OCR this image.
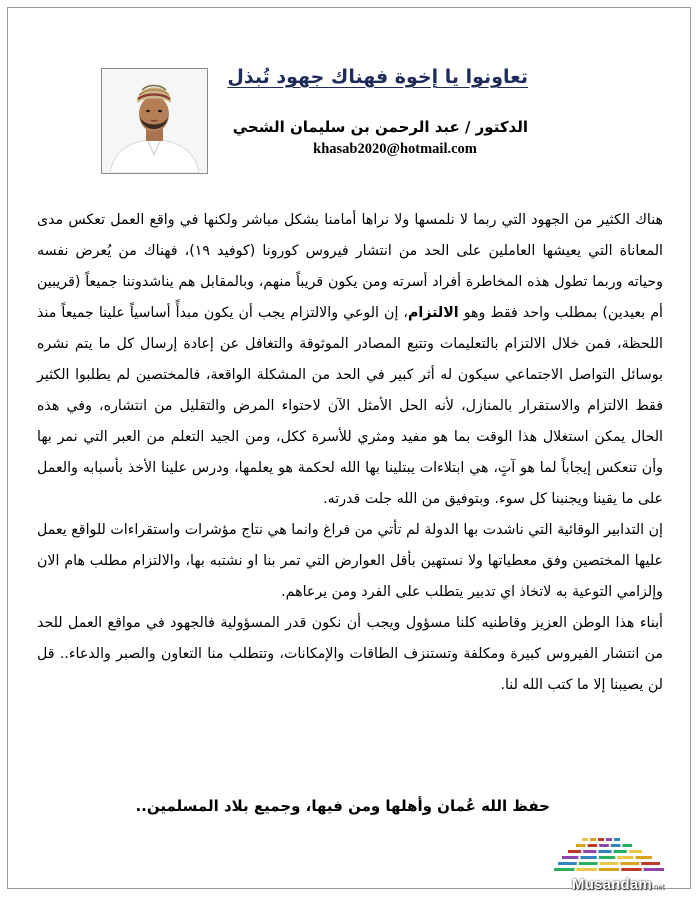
تعاونوا يا إخوة فهناك جهود تُبذل
الدكتور / عبد الرحمن بن سليمان الشحي
khasab2020@hotmail.com

هناك الكثير من الجهود التي ربما لا نلمسها ولا نراها أمامنا بشكل مباشر ولكنها في واقع العمل تعكس مدى المعاناة التي يعيشها العاملين على الحد من انتشار فيروس كورونا (كوفيد ١٩)، فهناك من يُعرض نفسه وحياته وربما تطول هذه المخاطرة أفراد أسرته ومن يكون قريباً منهم، وبالمقابل هم يناشدوننا جميعاً (قريبين أم بعيدين) بمطلب واحد فقط وهو الالتزام، إن الوعي والالتزام يجب أن يكون مبدأً أساسياً علينا جميعاً منذ اللحظة، فمن خلال الالتزام بالتعليمات وتتبع المصادر الموثوقة والتغافل عن إعادة إرسال كل ما يتم نشره بوسائل التواصل الاجتماعي سيكون له أثر كبير في الحد من المشكلة الواقعة، فالمختصين لم يطلبوا الكثير فقط الالتزام والاستقرار بالمنازل، لأنه الحل الأمثل الآن لاحتواء المرض والتقليل من انتشاره، وفي هذه الحال يمكن استغلال هذا الوقت بما هو مفيد ومثري للأسرة ككل، ومن الجيد التعلم من العبر التي نمر بها وأن تنعكس إيجاباً لما هو آتٍ، هي ابتلاءات يبتلينا بها الله لحكمة هو يعلمها، ودرس علينا الأخذ بأسبابه والعمل على ما يقينا ويجنبنا كل سوء. وبتوفيق من الله جلت قدرته.

إن التدابير الوقائية التي ناشدت بها الدولة لم تأتي من فراغ وانما هي نتاج مؤشرات واستقراءات للواقع يعمل عليها المختصين وفق معطياتها ولا نستهين بأقل العوارض التي تمر بنا او نشتبه بها، والالتزام مطلب هام الان وإلزامي التوعية به لاتخاذ اي تدبير يتطلب على الفرد ومن يرعاهم.

أبناء هذا الوطن العزيز وقاطنيه كلنا مسؤول ويجب أن نكون قدر المسؤولية فالجهود في مواقع العمل للحد من انتشار الفيروس كبيرة ومكلفة وتستنزف الطاقات والإمكانات، وتتطلب منا التعاون والصبر والدعاء.. قل لن يصيبنا إلا ما كتب الله لنا.

حفظ الله عُمان وأهلها ومن فيها، وجميع بلاد المسلمين..
Musandam net
